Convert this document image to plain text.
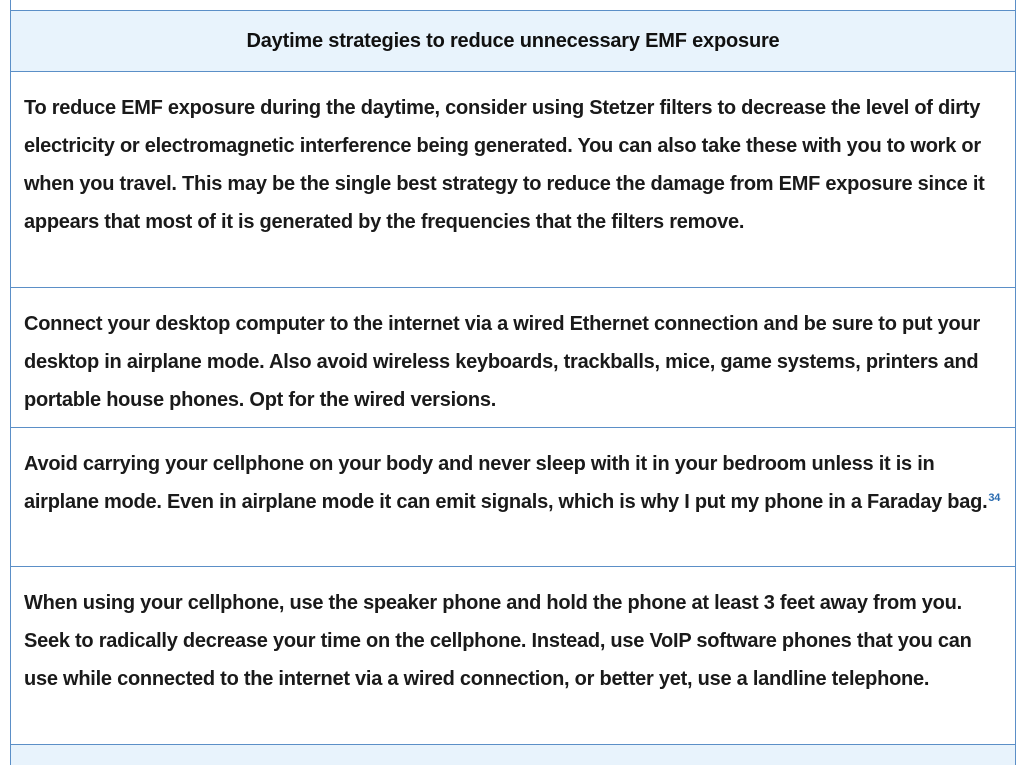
Daytime strategies to reduce unnecessary EMF exposure
To reduce EMF exposure during the daytime, consider using Stetzer filters to decrease the level of dirty electricity or electromagnetic interference being generated. You can also take these with you to work or when you travel. This may be the single best strategy to reduce the damage from EMF exposure since it appears that most of it is generated by the frequencies that the filters remove.
Connect your desktop computer to the internet via a wired Ethernet connection and be sure to put your desktop in airplane mode. Also avoid wireless keyboards, trackballs, mice, game systems, printers and portable house phones. Opt for the wired versions.
Avoid carrying your cellphone on your body and never sleep with it in your bedroom unless it is in airplane mode. Even in airplane mode it can emit signals, which is why I put my phone in a Faraday bag.$^{34}$
When using your cellphone, use the speaker phone and hold the phone at least 3 feet away from you. Seek to radically decrease your time on the cellphone. Instead, use VoIP software phones that you can use while connected to the internet via a wired connection, or better yet, use a landline telephone.
